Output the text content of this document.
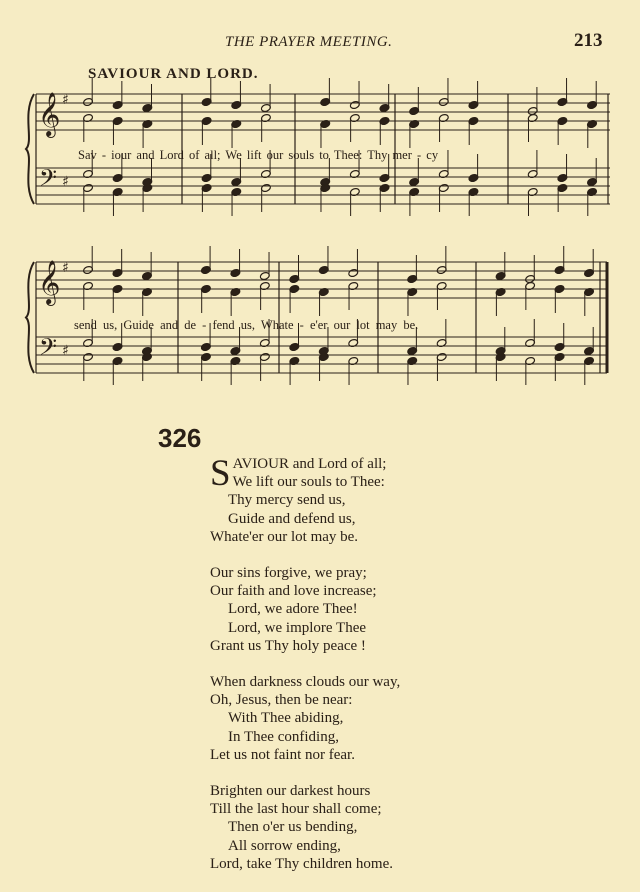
THE PRAYER MEETING.	213
SAVIOUR AND LORD.
𝄞
𝄢
♯
♯
𝄞
𝄢
♯
♯
Sav - iour and Lord of all; We lift our souls to Thee: Thy mer - cy
send us, Guide and de - fend us, Whate - e'er our lot may be.
326
SAVIOUR and Lord of all;
We lift our souls to Thee:
Thy mercy send us,
Guide and defend us,
Whate'er our lot may be.
Our sins forgive, we pray;
Our faith and love increase;
Lord, we adore Thee!
Lord, we implore Thee
Grant us Thy holy peace !
When darkness clouds our way,
Oh, Jesus, then be near:
With Thee abiding,
In Thee confiding,
Let us not faint nor fear.
Brighten our darkest hours
Till the last hour shall come;
Then o'er us bending,
All sorrow ending,
Lord, take Thy children home.
